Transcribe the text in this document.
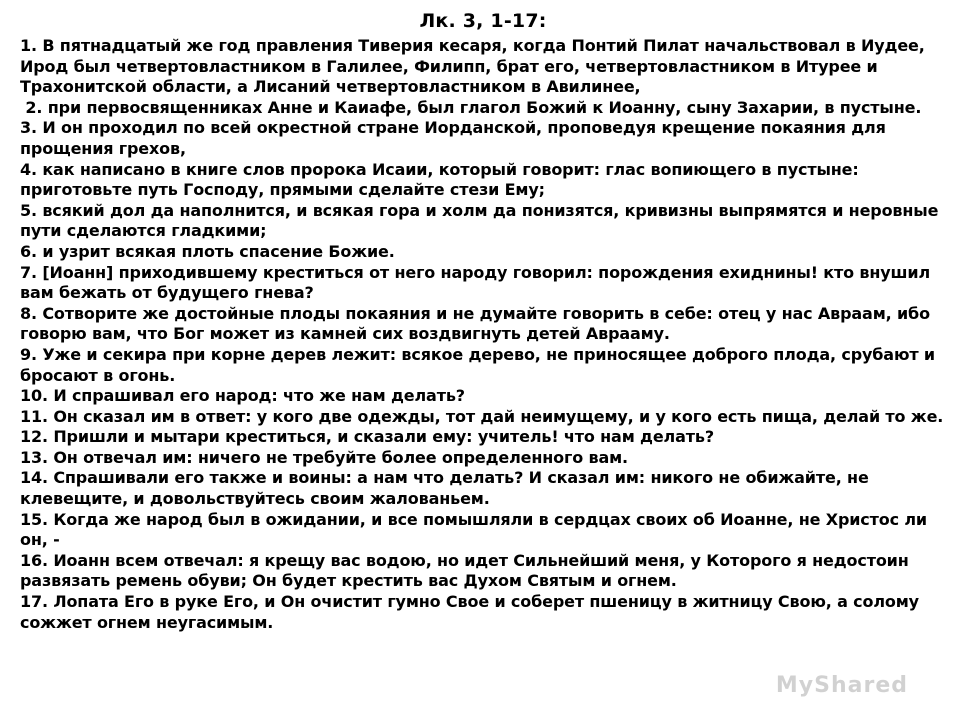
Лк. 3, 1-17:

1. В пятнадцатый же год правления Тиверия кесаря, когда Понтий Пилат начальствовал в Иудее, Ирод был четвертовластником в Галилее, Филипп, брат его, четвертовластником в Итурее и Трахонитской области, а Лисаний четвертовластником в Авилинее,

2. при первосвященниках Анне и Каиафе, был глагол Божий к Иоанну, сыну Захарии, в пустыне.

3. И он проходил по всей окрестной стране Иорданской, проповедуя крещение покаяния для прощения грехов,

4. как написано в книге слов пророка Исаии, который говорит: глас вопиющего в пустыне: приготовьте путь Господу, прямыми сделайте стези Ему;

5. всякий дол да наполнится, и всякая гора и холм да понизятся, кривизны выпрямятся и неровные пути сделаются гладкими;

6. и узрит всякая плоть спасение Божие.

7. [Иоанн] приходившему креститься от него народу говорил: порождения ехиднины! кто внушил вам бежать от будущего гнева?

8. Сотворите же достойные плоды покаяния и не думайте говорить в себе: отец у нас Авраам, ибо говорю вам, что Бог может из камней сих воздвигнуть детей Аврааму.

9. Уже и секира при корне дерев лежит: всякое дерево, не приносящее доброго плода, срубают и бросают в огонь.

10. И спрашивал его народ: что же нам делать?

11. Он сказал им в ответ: у кого две одежды, тот дай неимущему, и у кого есть пища, делай то же.

12. Пришли и мытари креститься, и сказали ему: учитель! что нам делать?

13. Он отвечал им: ничего не требуйте более определенного вам.

14. Спрашивали его также и воины: а нам что делать? И сказал им: никого не обижайте, не клевещите, и довольствуйтесь своим жалованьем.

15. Когда же народ был в ожидании, и все помышляли в сердцах своих об Иоанне, не Христос ли он, -

16. Иоанн всем отвечал: я крещу вас водою, но идет Сильнейший меня, у Которого я недостоин развязать ремень обуви; Он будет крестить вас Духом Святым и огнем.

17. Лопата Его в руке Его, и Он очистит гумно Свое и соберет пшеницу в житницу Свою, а солому сожжет огнем неугасимым.

MyShared
